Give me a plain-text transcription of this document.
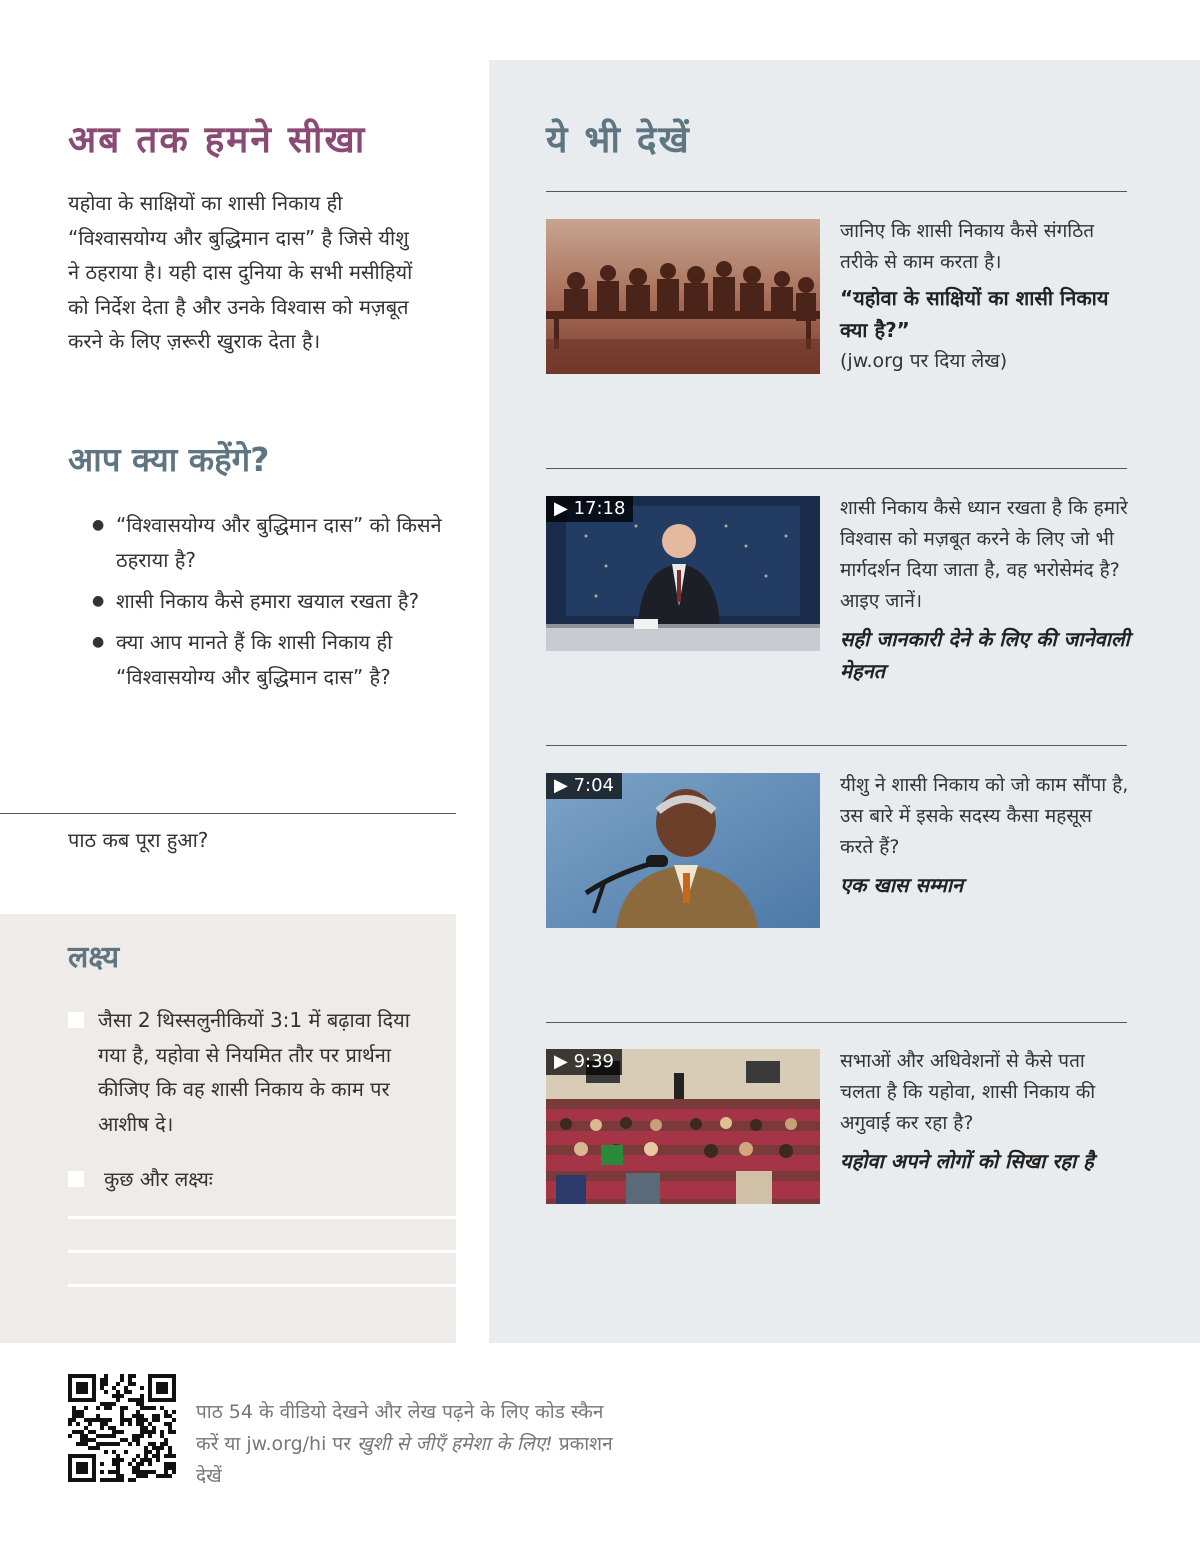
अब तक हमने सीखा

यहोवा के साक्षियों का शासी निकाय ही “विश्वासयोग्य और बुद्धिमान दास” है जिसे यीशु ने ठहराया है। यही दास दुनिया के सभी मसीहियों को निर्देश देता है और उनके विश्वास को मज़बूत करने के लिए ज़रूरी खुराक देता है।

आप क्या कहेंगे?
● “विश्वासयोग्य और बुद्धिमान दास” को किसने ठहराया है?
● शासी निकाय कैसे हमारा खयाल रखता है?
● क्या आप मानते हैं कि शासी निकाय ही “विश्वासयोग्य और बुद्धिमान दास” है?
पाठ कब पूरा हुआ?
लक्ष्य
जैसा 2 थिस्सलुनीकियों 3:1 में बढ़ावा दिया गया है, यहोवा से नियमित तौर पर प्रार्थना कीजिए कि वह शासी निकाय के काम पर आशीष दे।
कुछ और लक्ष्यः
ये भी देखें
जानिए कि शासी निकाय कैसे संगठित तरीके से काम करता है।
“यहोवा के साक्षियों का शासी निकाय क्या है?”
(jw.org पर दिया लेख)
▶ 17:18	शासी निकाय कैसे ध्यान रखता है कि हमारे विश्वास को मज़बूत करने के लिए जो भी मार्गदर्शन दिया जाता है, वह भरोसेमंद है? आइए जानें।
सही जानकारी देने के लिए की जानेवाली मेहनत
▶ 7:04	यीशु ने शासी निकाय को जो काम सौंपा है, उस बारे में इसके सदस्य कैसा महसूस करते हैं?
एक खास सम्मान
▶ 9:39	सभाओं और अधिवेशनों से कैसे पता चलता है कि यहोवा, शासी निकाय की अगुवाई कर रहा है?
यहोवा अपने लोगों को सिखा रहा है
पाठ 54 के वीडियो देखने और लेख पढ़ने के लिए कोड स्कैन करें या jw.org/hi पर खुशी से जीएँ हमेशा के लिए! प्रकाशन देखें
